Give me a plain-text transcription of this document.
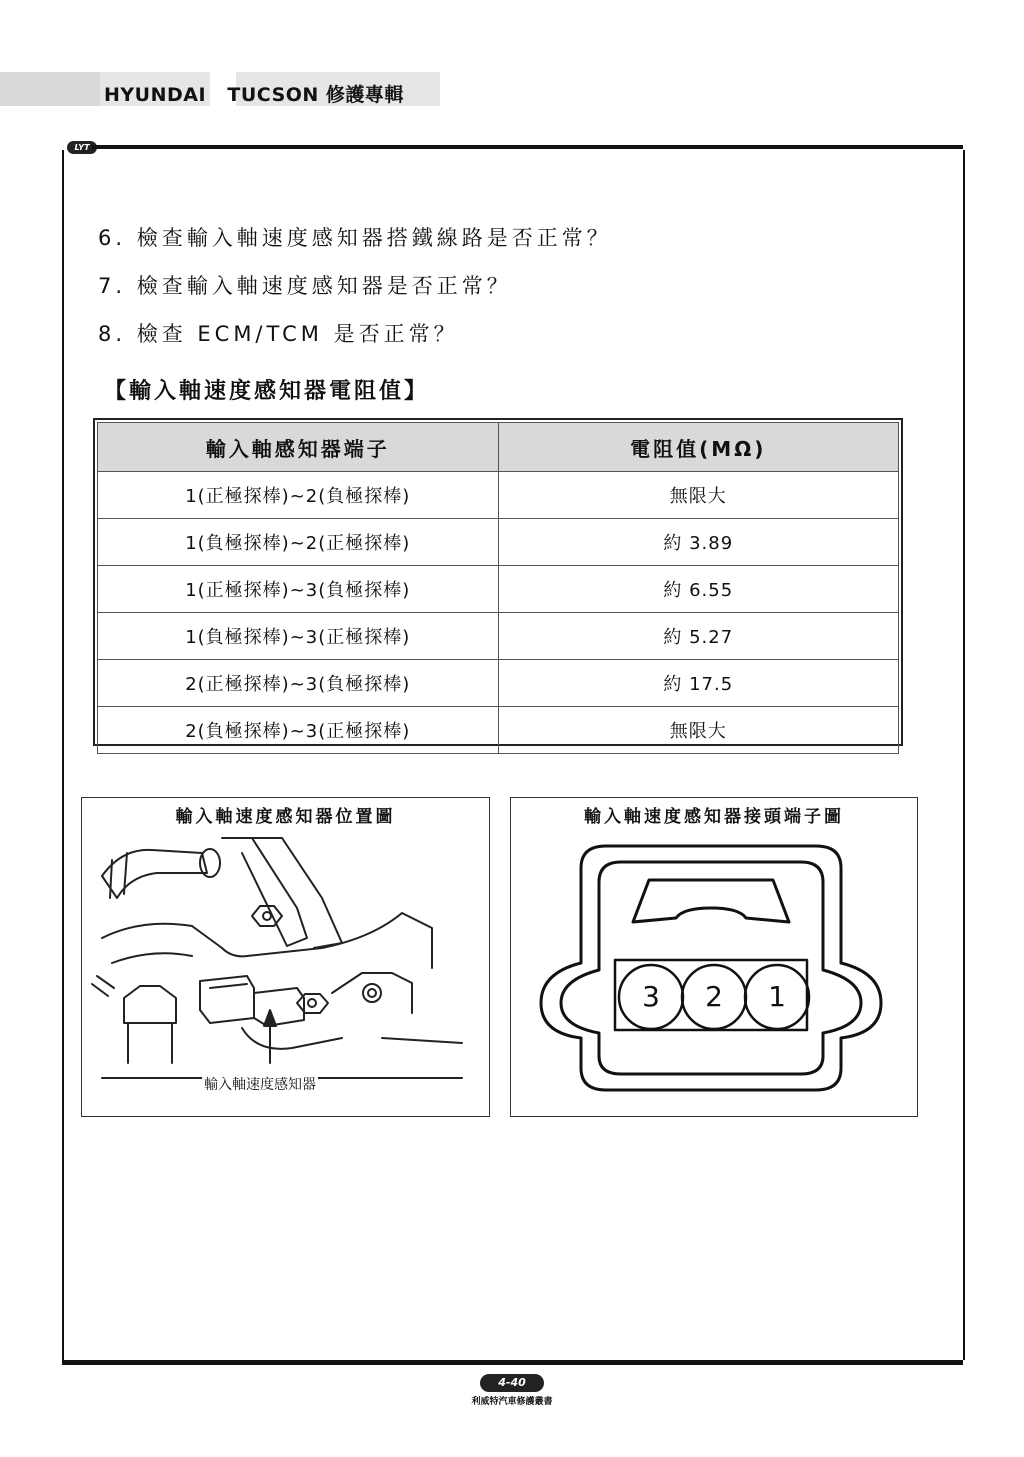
HYUNDAI   TUCSON 修護專輯
LYT
6. 檢查輸入軸速度感知器搭鐵線路是否正常？
7. 檢查輸入軸速度感知器是否正常？
8. 檢查 ECM/TCM 是否正常？
【輸入軸速度感知器電阻值】
輸入軸感知器端子	電阻值(MΩ)
1(正極探棒)~2(負極探棒)	無限大
1(負極探棒)~2(正極探棒)	約 3.89
1(正極探棒)~3(負極探棒)	約 6.55
1(負極探棒)~3(正極探棒)	約 5.27
2(正極探棒)~3(負極探棒)	約 17.5
2(負極探棒)~3(正極探棒)	無限大
輸入軸速度感知器位置圖
輸入軸速度感知器
輸入軸速度感知器接頭端子圖
3 2 1
4-40
利威特汽車修護叢書
